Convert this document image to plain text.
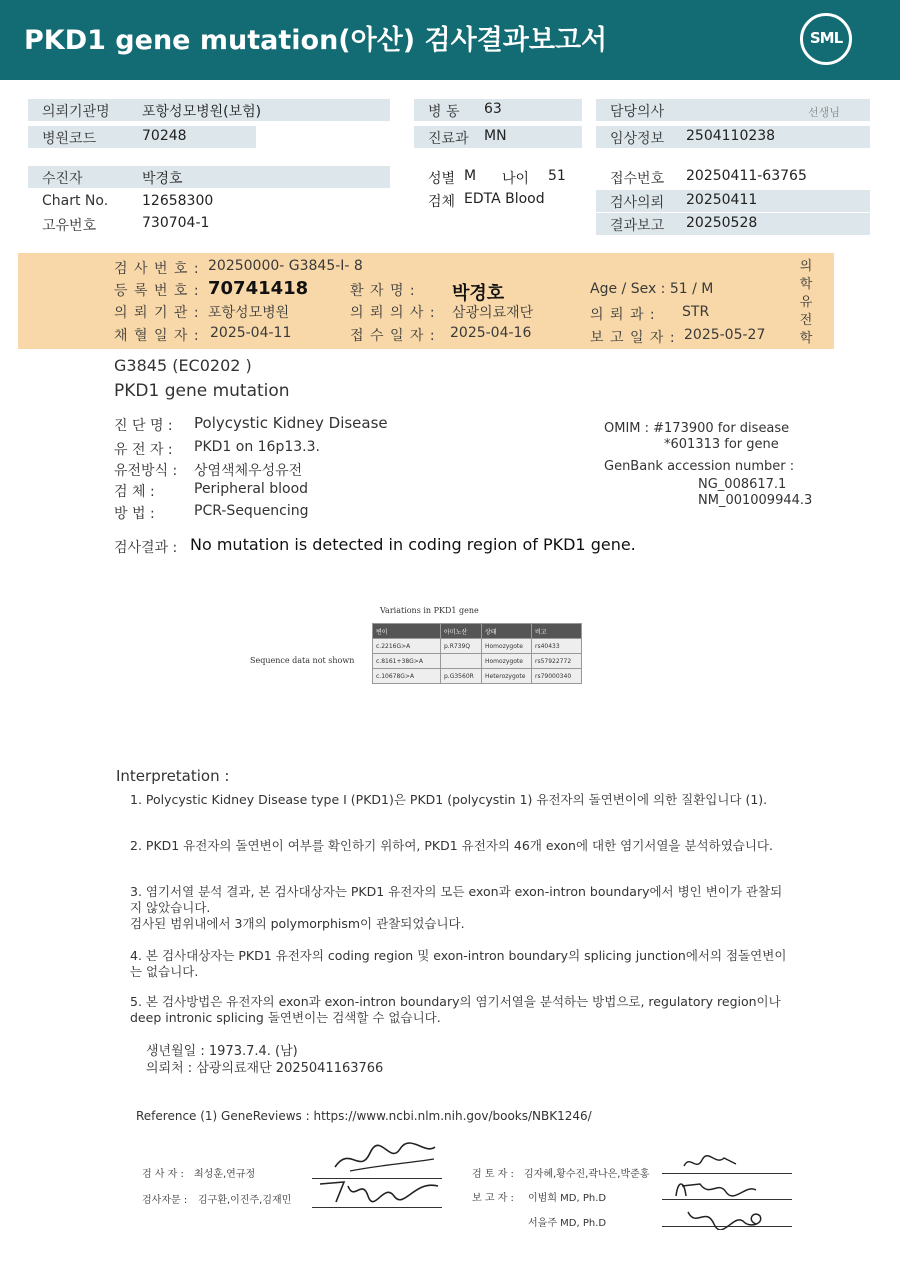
PKD1 gene mutation(아산) 검사결과보고서	SML
의뢰기관명	포항성모병원(보험)
병원코드	70248
병 동	63
진료과	MN
담당의사	선생님
임상정보	2504110238
수진자	박경호
Chart No.	12658300
고유번호	730704-1
성별 M 나이 51
검체 EDTA Blood
접수번호	20250411-63765
검사의뢰	20250411
결과보고	20250528
검 사 번 호 : 20250000- G3845-I- 8
등 록 번 호 : 70741418	환 자 명 : 박경호	Age / Sex : 51 / M
의 뢰 기 관 : 포항성모병원	의 뢰 의 사 : 삼광의료재단	의 뢰 과 : STR
채 혈 일 자 : 2025-04-11	접 수 일 자 : 2025-04-16	보 고 일 자 : 2025-05-27
의학유전학
G3845 (EC0202 )
PKD1 gene mutation
진 단 명 : Polycystic Kidney Disease
유 전 자 : PKD1 on 16p13.3.
유전방식 : 상염색체우성유전
검 체 :	Peripheral blood
방 법 :	PCR-Sequencing
OMIM : #173900 for disease
*601313 for gene
GenBank accession number :
NG_008617.1
NM_001009944.3
검사결과 : No mutation is detected in coding region of PKD1 gene.
Variations in PKD1 gene
Sequence data not shown
변이	아미노산	상태	비고
c.2216G>A	p.R739Q	Homozygote	rs40433
c.8161+38G>A		Homozygote	rs57922772
c.10678G>A	p.G3560R	Heterozygote	rs79000340
Interpretation :
1. Polycystic Kidney Disease type I (PKD1)은 PKD1 (polycystin 1) 유전자의 돌연변이에 의한 질환입니다 (1).
2. PKD1 유전자의 돌연변이 여부를 확인하기 위하여, PKD1 유전자의 46개 exon에 대한 염기서열을 분석하였습니다.
3. 염기서열 분석 결과, 본 검사대상자는 PKD1 유전자의 모든 exon과 exon-intron boundary에서 병인 변이가 관찰되지 않았습니다.
검사된 범위내에서 3개의 polymorphism이 관찰되었습니다.
4. 본 검사대상자는 PKD1 유전자의 coding region 및 exon-intron boundary의 splicing junction에서의 점돌연변이는 없습니다.
5. 본 검사방법은 유전자의 exon과 exon-intron boundary의 염기서열을 분석하는 방법으로, regulatory region이나 deep intronic splicing 돌연변이는 검색할 수 없습니다.
생년월일 : 1973.7.4. (남)
의뢰처 : 삼광의료재단 2025041163766
Reference (1) GeneReviews : https://www.ncbi.nlm.nih.gov/books/NBK1246/
검 사 자 : 최성훈,연규정
검사자문 : 김구환,이진주,김재민
검 토 자 : 김자혜,황수진,곽나은,박준홍
보 고 자 : 이범희 MD, Ph.D
서을주 MD, Ph.D
